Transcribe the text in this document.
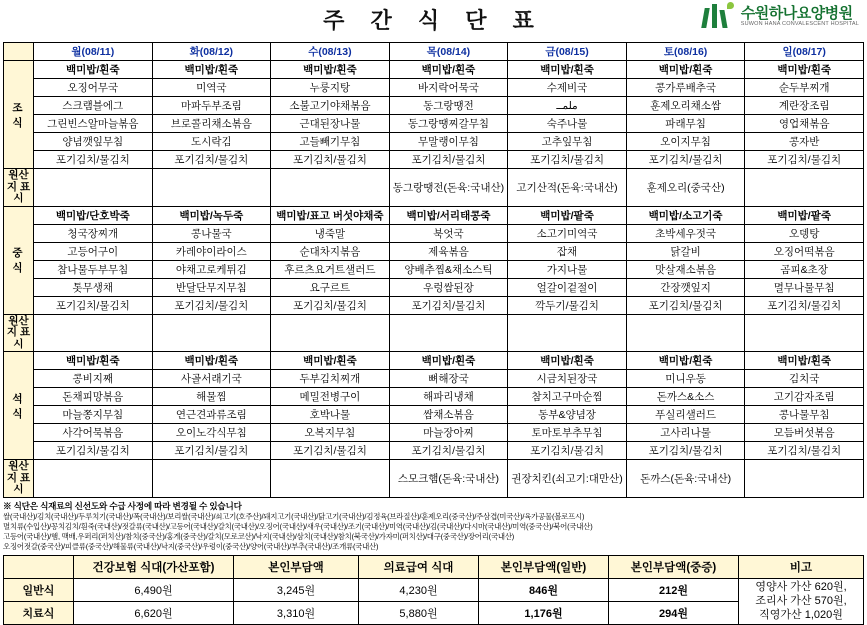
주 간 식 단 표	수원하나요양병원
SUWON HANA CONVALESCENT HOSPITAL
	월(08/11)	화(08/12)	수(08/13)	목(08/14)	금(08/15)	토(08/16)	일(08/17)
조 식	백미밥/흰죽	백미밥/흰죽	백미밥/흰죽	백미밥/흰죽	백미밥/흰죽	백미밥/흰죽	백미밥/흰죽
	오징어무국	미역국	누룽지탕	바지락어묵국	수제비국	콩가루배추국	순두부찌개
	스크램블에그	마파두부조림	소불고기야채볶음	동그랑땡전	ملمــ	훈제오리채소쌈	계란장조림
	그린빈스알마늘볶음	브로콜리채소볶음	근대된장나물	동그랑땡찌갈무침	숙주나물	파래무침	영업채볶음
	양념깻잎무침	도시락김	고들빼기무침	무말랭이무침	고추잎무침	오이지무침	콩자반
	포기김치/물김치	포기김치/물김치	포기김치/물김치	포기김치/물김치	포기김치/물김치	포기김치/물김치	포기김치/물김치
원산지 표시				동그랑땡전(돈육:국내산)	고기산적(돈육:국내산)	훈제오리(중국산)	
중 식	백미밥/단호박죽	백미밥/녹두죽	백미밥/표고 버섯야채죽	백미밥/서리태콩죽	백미밥/팥죽	백미밥/소고기죽	백미밥/팥죽
	청국장찌개	콩나물국	냉죽말	북엇국	소고기미역국	초박세우젓국	오뎅탕
	고등어구이	카레야이라이스	순대차지볶음	제육볶음	잡채	닭갈비	오징어떡볶음
	참나물두부무침	야채고로케튀김	후르츠요거트샐러드	양배추찜&채소스틱	가지나물	맛살재소볶음	곰피&초장
	톳무생채	반달단무지무침	요구르트	우렁쌈된장	얼갈이겉절이	간장깻잎지	멸무나물무침
	포기김치/물김치	포기김치/물김치	포기김치/물김치	포기김치/물김치	깍두기/물김치	포기김치/물김치	포기김치/물김치
원산지 표시							
석 식	백미밥/흰죽	백미밥/흰죽	백미밥/흰죽	백미밥/흰죽	백미밥/흰죽	백미밥/흰죽	백미밥/흰죽
	콩비지째	사골서래기국	두부김치찌개	뼈해장국	시금치된장국	미니우동	김치국
	돈채피망볶음	해물찜	메밀전병구이	해파리냉채	참치고구마순찜	돈까스&소스	고기감자조림
	마늘쫑지무침	연근견과류조림	호박나물	쌈채소볶음	동부&양념장	푸실리샐러드	콩나물무침
	사각어묵볶음	오이노각식무침	오복지무침	마늘장아찌	토마토부추무침	고사리나물	모듬버섯볶음
	포기김치/물김치	포기김치/물김치	포기김치/물김치	포기김치/물김치	포기김치/물김치	포기김치/물김치	포기김치/물김치
원산지 표시				스모크햄(돈육:국내산)	권장치킨(쇠고기:대만산)	돈까스(돈육:국내산)	
※ 식단은 식재료의 신선도와 수급 사정에 따라 변경될 수 있습니다
쌀(국내산)/김치(국내산)/두루치기(국내산)/폭(국내산)/보리쌀(국내산)/쇠고기(호주산)/돼지고기(국내산)/닭고기(국내산)/김정육(브라질산)/훈제오리(중국산)/주삼겹(미국산)/육가공물(볼로프시)
멸치류(수입산)/꽁치김치/흰죽(국내산)/젓갈류(국내산)/고등어(국내산)/갈치(국내산)/오징어(국내산)/새우(국내산)/조기(국내산)/미역(국내산)/김(국내산)/다시마(국내산)/미역(중국산)/북어(국내산)
고등어(국내산)/햄, 맥배,우퍼리(퍼치산)/참치(중국산)/홍게(중국산)/갈치(모로코산)/낙지(국내산)/삼치(국내산)/참치(북국산)/가자미(퍼치산)/대구(중국산)/장어리(국내산)
오징어젓갈(중국산)/피클류(중국산)/해물류(국내산)/낙지(중국산)/우렁이(중국산)/양어(국내산)/부추(국내산)/조개류(국내산)
	건강보험 식대(가산포함)	본인부담액	의료급여 식대	본인부담액(일반)	본인부담액(중증)	비고
일반식	6,490원	3,245원	4,230원	846원	212원	영양사 가산 620원,
조리사 가산 570원,
직영가산 1,020원
치료식	6,620원	3,310원	5,880원	1,176원	294원	
